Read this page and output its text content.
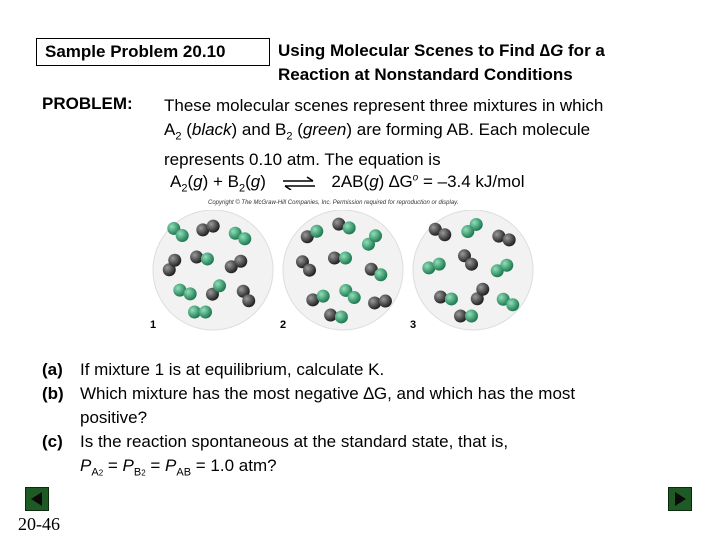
Sample Problem 20.10	Using Molecular Scenes to Find ∆G for a
Reaction at Nonstandard Conditions
PROBLEM: These molecular scenes represent three mixtures in which
$A_2$ (black) and $B_2$ (green) are forming AB. Each molecule
represents 0.10 atm. The equation is
$A_2(g) + B_2(g)$ ⇌ 2AB(g) $\Delta G^o = -3.4$ kJ/mol
Copyright © The McGraw-Hill Companies, Inc. Permission required for reproduction or display.
1	2	3
(a)	If mixture 1 is at equilibrium, calculate K.
(b) Which mixture has the most negative ∆G, and which has the most
positive?
(c)	Is the reaction spontaneous at the standard state, that is,
$P_{A2} = P_{B2} = P_{AB} = 1.0$ atm?
20-46
